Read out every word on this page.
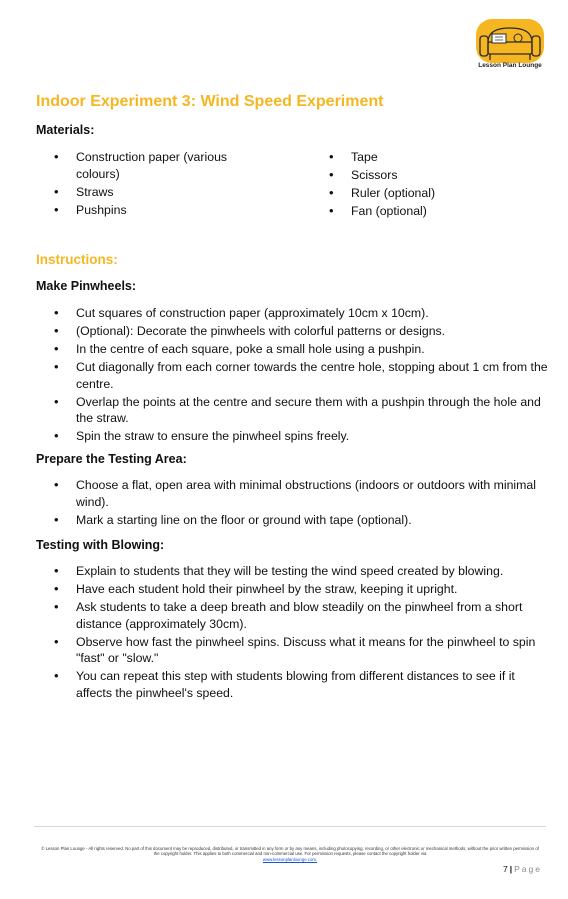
Lesson Plan Lounge
Indoor Experiment 3: Wind Speed Experiment
Materials:
• Construction paper (various colours)
• Straws
• Pushpins
• Tape
• Scissors
• Ruler (optional)
• Fan (optional)
Instructions:
Make Pinwheels:
• Cut squares of construction paper (approximately 10cm x 10cm).
• (Optional): Decorate the pinwheels with colorful patterns or designs.
• In the centre of each square, poke a small hole using a pushpin.
• Cut diagonally from each corner towards the centre hole, stopping about 1 cm from the centre.
• Overlap the points at the centre and secure them with a pushpin through the hole and the straw.
• Spin the straw to ensure the pinwheel spins freely.
Prepare the Testing Area:
• Choose a flat, open area with minimal obstructions (indoors or outdoors with minimal wind).
• Mark a starting line on the floor or ground with tape (optional).
Testing with Blowing:
• Explain to students that they will be testing the wind speed created by blowing.
• Have each student hold their pinwheel by the straw, keeping it upright.
• Ask students to take a deep breath and blow steadily on the pinwheel from a short distance (approximately 30cm).
• Observe how fast the pinwheel spins. Discuss what it means for the pinwheel to spin "fast" or "slow."
• You can repeat this step with students blowing from different distances to see if it affects the pinwheel's speed.
© Lesson Plan Lounge - All rights reserved. No part of this document may be reproduced, distributed, or transmitted in any form or by any means, including photocopying, recording, or other electronic or mechanical methods, without the prior written permission of the copyright holder. This applies to both commercial and non-commercial use. For permission requests, please contact the copyright holder via
www.lessonplanlounge.com.
7 | Page
